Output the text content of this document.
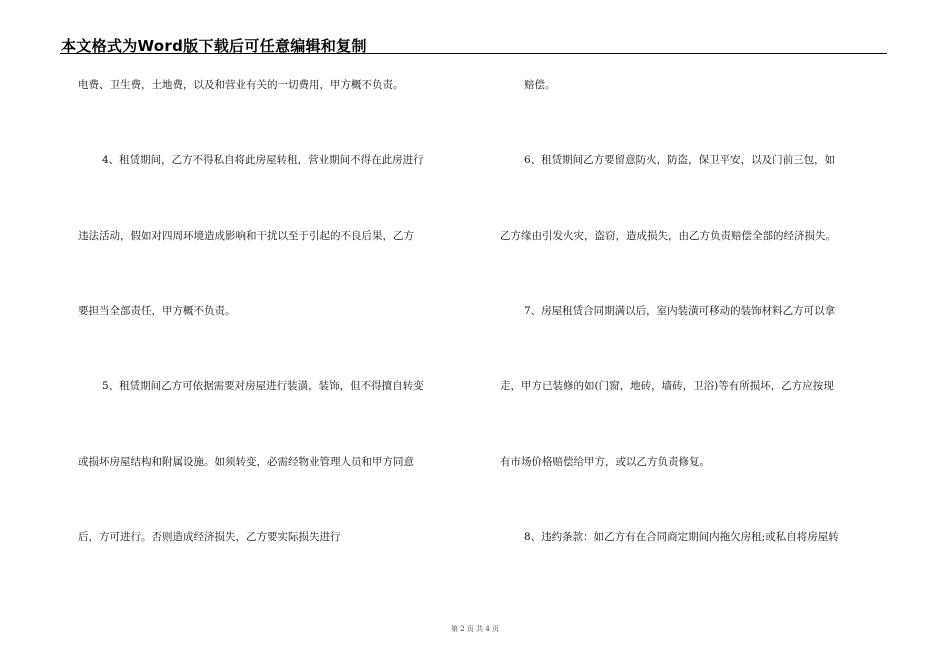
本文格式为Word版下载后可任意编辑和复制
电费、卫生费，土地费，以及和营业有关的一切费用，甲方概不负责。
4、租赁期间，乙方不得私自将此房屋转租，营业期间不得在此房进行
违法活动，假如对四周环境造成影响和干扰以至于引起的不良后果，乙方
要担当全部责任，甲方概不负责。
5、租赁期间乙方可依据需要对房屋进行装潢，装饰，但不得擅自转变
或损坏房屋结构和附属设施。如须转变，必需经物业管理人员和甲方同意
后，方可进行。否则造成经济损失，乙方要实际损失进行
赔偿。
6、租赁期间乙方要留意防火，防盗，保卫平安，以及门前三包，如
乙方缘由引发火灾，盗窃，造成损失，由乙方负责赔偿全部的经济损失。
7、房屋租赁合同期满以后，室内装潢可移动的装饰材料乙方可以拿
走，甲方已装修的如(门窗，地砖，墙砖，卫浴)等有所损坏，乙方应按现
有市场价格赔偿给甲方，或以乙方负责修复。
8、违约条款：如乙方有在合同商定期间内拖欠房租;或私自将房屋转
第 2 页 共 4 页
